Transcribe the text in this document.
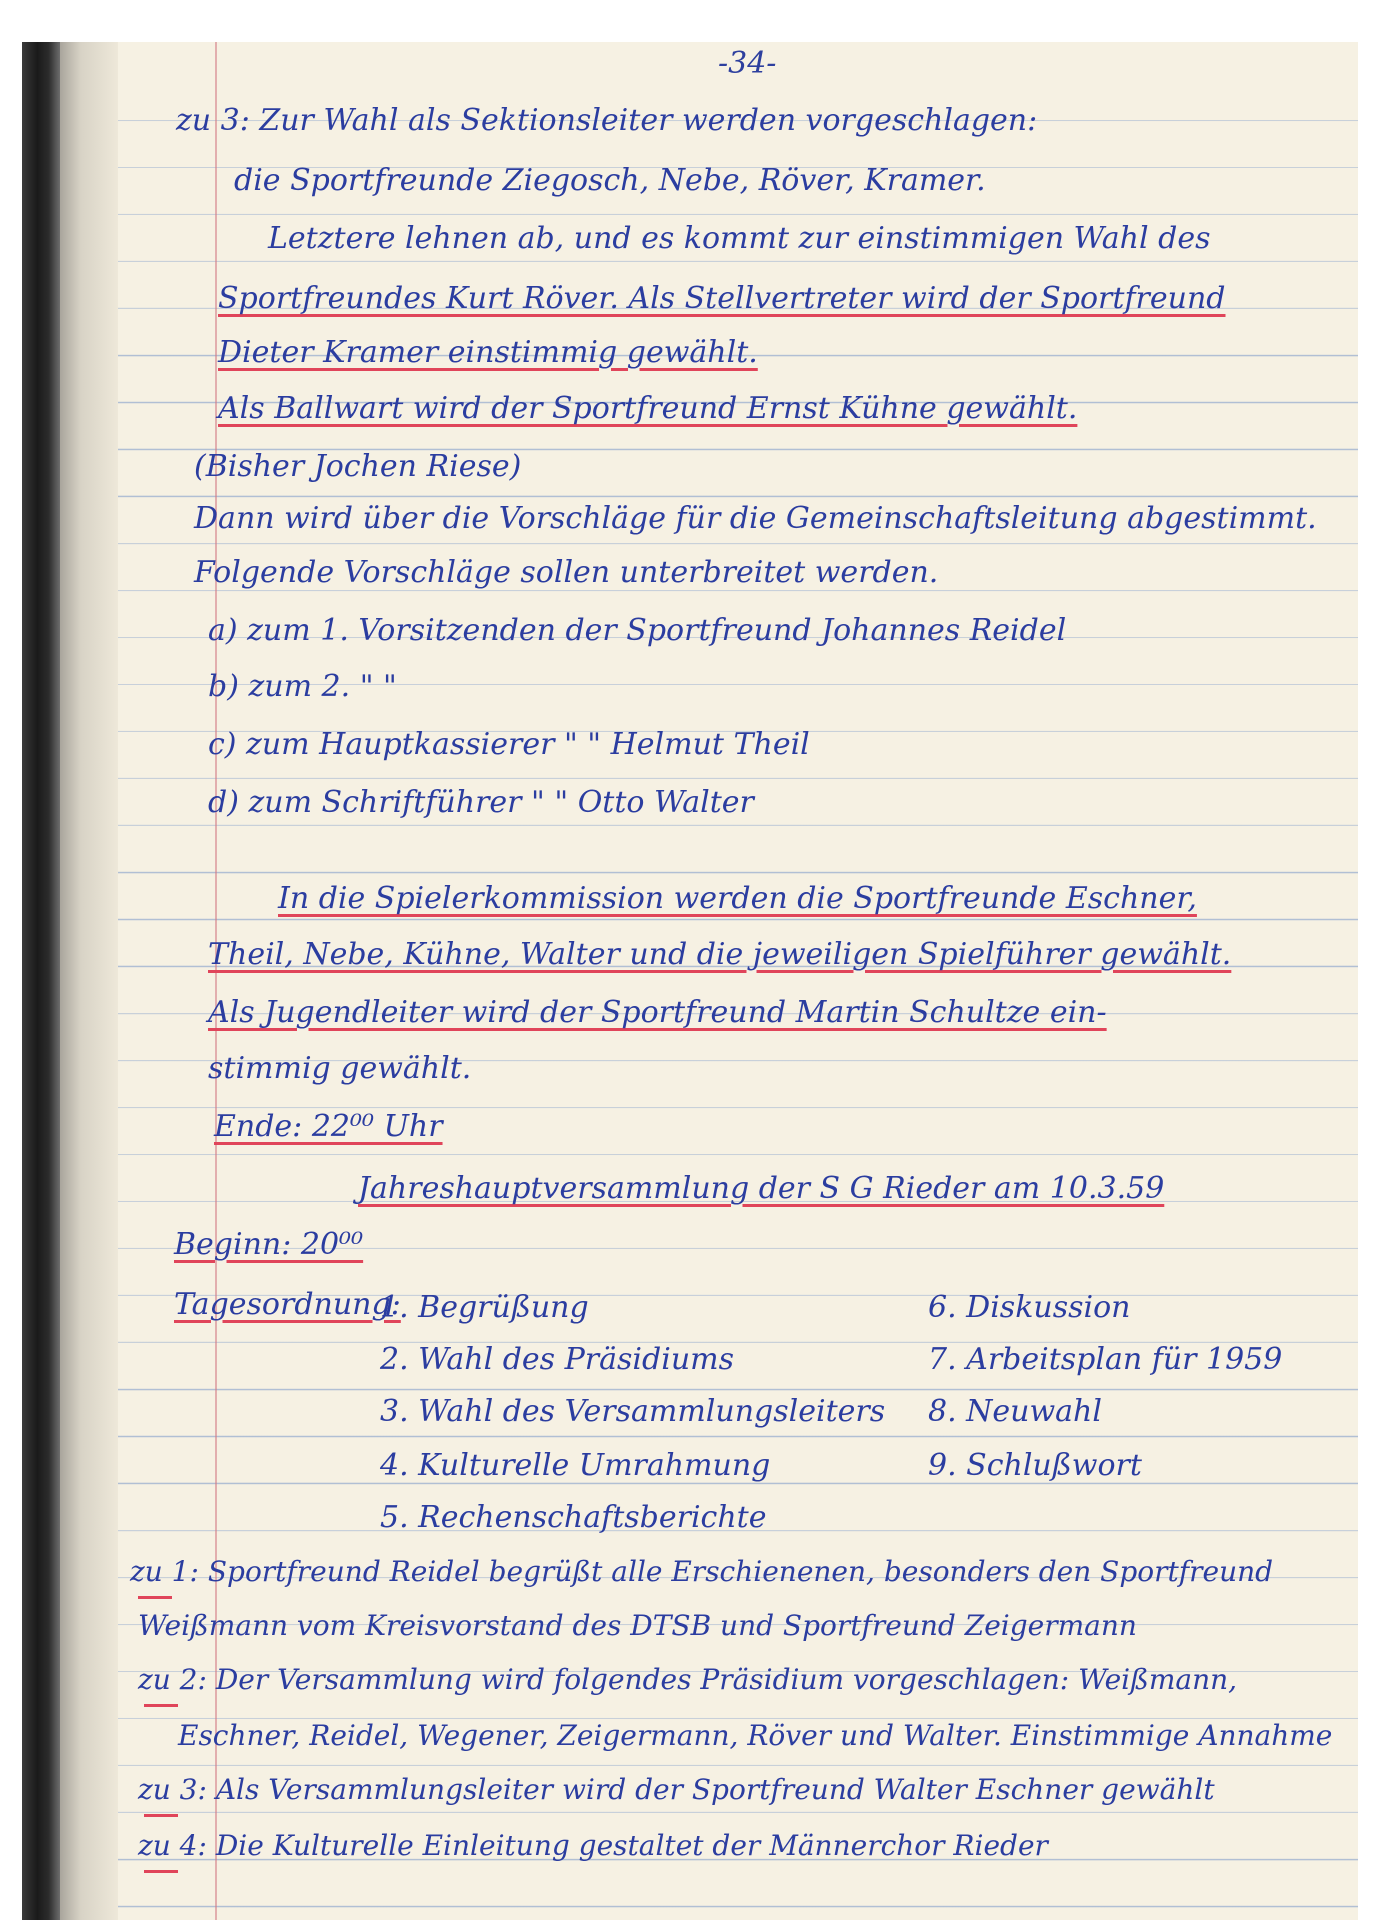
-34-
zu 3: Zur Wahl als Sektionsleiter werden vorgeschlagen:
die Sportfreunde Ziegosch, Nebe, Röver, Kramer.
Letztere lehnen ab, und es kommt zur einstimmigen Wahl des
Sportfreundes Kurt Röver. Als Stellvertreter wird der Sportfreund
Dieter Kramer einstimmig gewählt.
Als Ballwart wird der Sportfreund Ernst Kühne gewählt.
(Bisher Jochen Riese)
Dann wird über die Vorschläge für die Gemeinschaftsleitung abgestimmt.
Folgende Vorschläge sollen unterbreitet werden.
a) zum 1. Vorsitzenden der Sportfreund Johannes Reidel
b) zum 2. " "
c) zum Hauptkassierer " " Helmut Theil
d) zum Schriftführer " " Otto Walter
In die Spielerkommission werden die Sportfreunde Eschner,
Theil, Nebe, Kühne, Walter und die jeweiligen Spielführer gewählt.
Als Jugendleiter wird der Sportfreund Martin Schultze ein-
stimmig gewählt.
Ende: 22⁰⁰ Uhr
Jahreshauptversammlung der S G Rieder am 10.3.59
Beginn: 20⁰⁰
Tagesordnung:
1. Begrüßung
2. Wahl des Präsidiums
3. Wahl des Versammlungsleiters
4. Kulturelle Umrahmung
5. Rechenschaftsberichte
6. Diskussion
7. Arbeitsplan für 1959
8. Neuwahl
9. Schlußwort
zu 1: Sportfreund Reidel begrüßt alle Erschienenen, besonders den Sportfreund
Weißmann vom Kreisvorstand des DTSB und Sportfreund Zeigermann
zu 2: Der Versammlung wird folgendes Präsidium vorgeschlagen: Weißmann,
Eschner, Reidel, Wegener, Zeigermann, Röver und Walter. Einstimmige Annahme
zu 3: Als Versammlungsleiter wird der Sportfreund Walter Eschner gewählt
zu 4: Die Kulturelle Einleitung gestaltet der Männerchor Rieder
